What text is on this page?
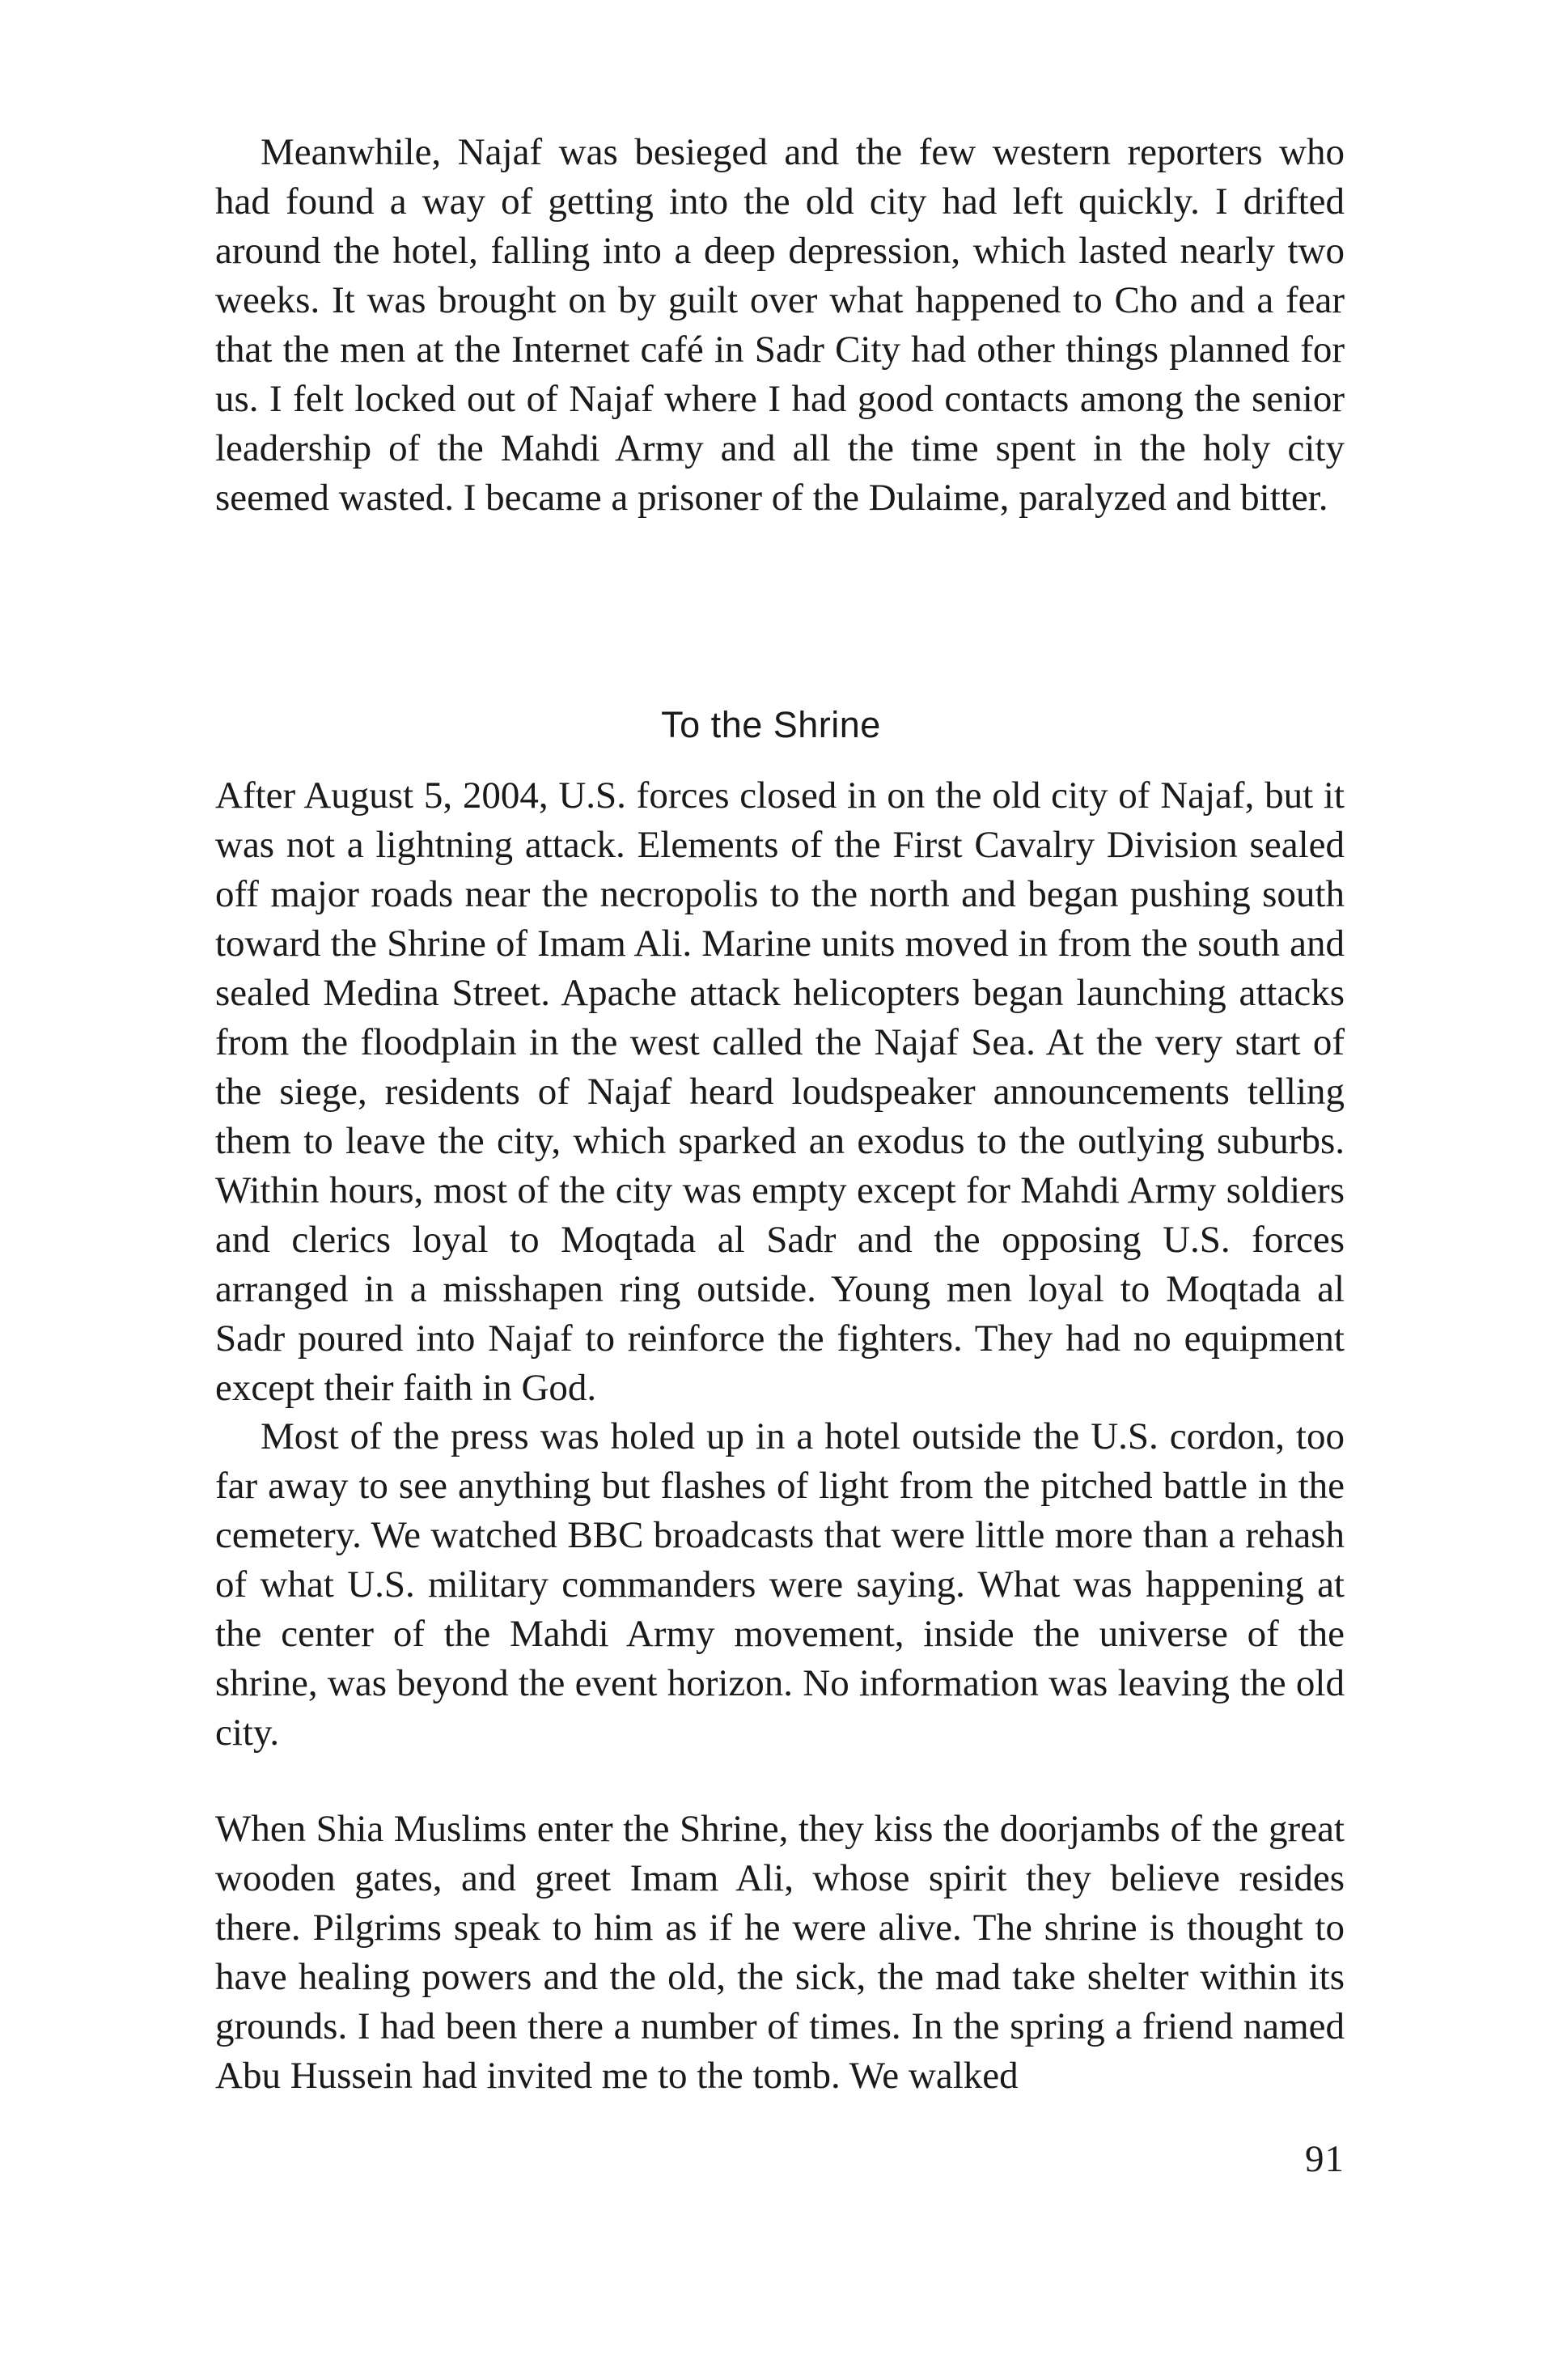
Meanwhile, Najaf was besieged and the few western reporters who had found a way of getting into the old city had left quickly. I drifted around the hotel, falling into a deep depression, which lasted nearly two weeks. It was brought on by guilt over what happened to Cho and a fear that the men at the Internet café in Sadr City had other things planned for us. I felt locked out of Najaf where I had good contacts among the senior leadership of the Mahdi Army and all the time spent in the holy city seemed wasted. I became a prisoner of the Dulaime, paralyzed and bitter.

To the Shrine

After August 5, 2004, U.S. forces closed in on the old city of Najaf, but it was not a lightning attack. Elements of the First Cavalry Division sealed off major roads near the necropolis to the north and began pushing south toward the Shrine of Imam Ali. Marine units moved in from the south and sealed Medina Street. Apache attack helicopters began launching attacks from the floodplain in the west called the Najaf Sea. At the very start of the siege, residents of Najaf heard loudspeaker announcements telling them to leave the city, which sparked an exodus to the outlying suburbs. Within hours, most of the city was empty except for Mahdi Army soldiers and clerics loyal to Moqtada al Sadr and the opposing U.S. forces arranged in a misshapen ring outside. Young men loyal to Moqtada al Sadr poured into Najaf to reinforce the fighters. They had no equipment except their faith in God.

Most of the press was holed up in a hotel outside the U.S. cordon, too far away to see anything but flashes of light from the pitched battle in the cemetery. We watched BBC broadcasts that were little more than a rehash of what U.S. military commanders were saying. What was happening at the center of the Mahdi Army movement, inside the universe of the shrine, was beyond the event horizon. No information was leaving the old city.

When Shia Muslims enter the Shrine, they kiss the doorjambs of the great wooden gates, and greet Imam Ali, whose spirit they believe resides there. Pilgrims speak to him as if he were alive. The shrine is thought to have healing powers and the old, the sick, the mad take shelter within its grounds. I had been there a number of times. In the spring a friend named Abu Hussein had invited me to the tomb. We walked

91
